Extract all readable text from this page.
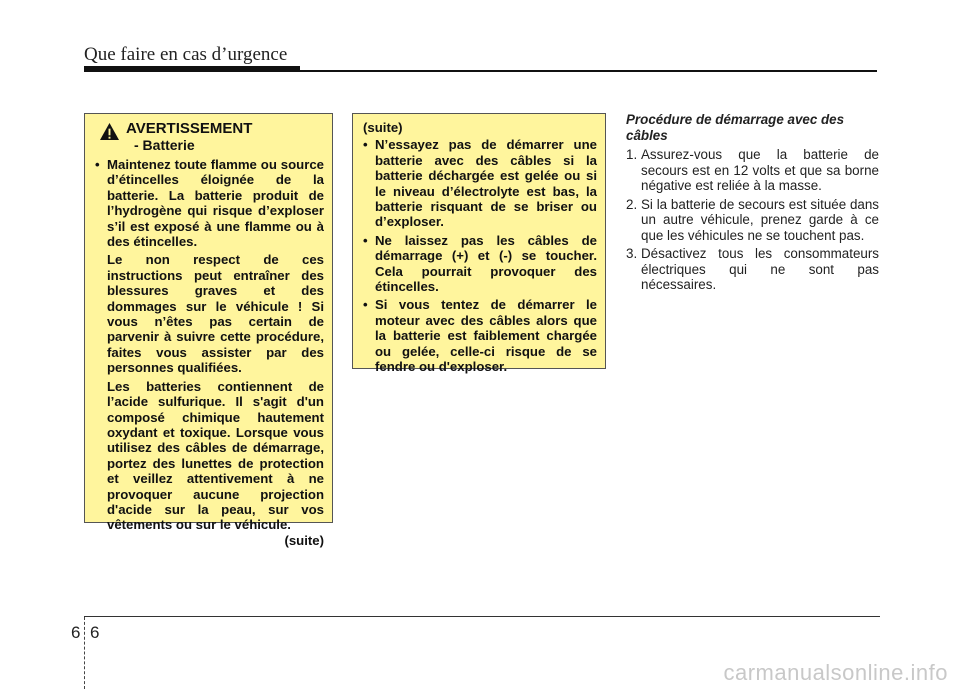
Que faire en cas d’urgence
AVERTISSEMENT
- Batterie
• Maintenez toute flamme ou source d’étincelles éloignée de la batterie. La batterie produit de l’hydrogène qui risque d’exploser s’il est exposé à une flamme ou à des étincelles.
Le non respect de ces instructions peut entraîner des blessures graves et des dommages sur le véhicule ! Si vous n’êtes pas certain de parvenir à suivre cette procédure, faites vous assister par des personnes qualifiées.
Les batteries contiennent de l’acide sulfurique. Il s'agit d'un composé chimique hautement oxydant et toxique. Lorsque vous utilisez des câbles de démarrage, portez des lunettes de protection et veillez attentivement à ne provoquer aucune projection d'acide sur la peau, sur vos vêtements ou sur le véhicule.
(suite)
(suite)
• N’essayez pas de démarrer une batterie avec des câbles si la batterie déchargée est gelée ou si le niveau d’électrolyte est bas, la batterie risquant de se briser ou d’exploser.
• Ne laissez pas les câbles de démarrage (+) et (-) se toucher. Cela pourrait provoquer des étincelles.
• Si vous tentez de démarrer le moteur avec des câbles alors que la batterie est faiblement chargée ou gelée, celle-ci risque de se fendre ou d'exploser.
Procédure de démarrage avec des câbles
1. Assurez-vous que la batterie de secours est en 12 volts et que sa borne négative est reliée à la masse.
2. Si la batterie de secours est située dans un autre véhicule, prenez garde à ce que les véhicules ne se touchent pas.
3. Désactivez tous les consommateurs électriques qui ne sont pas nécessaires.
6 6
carmanualsonline.info
